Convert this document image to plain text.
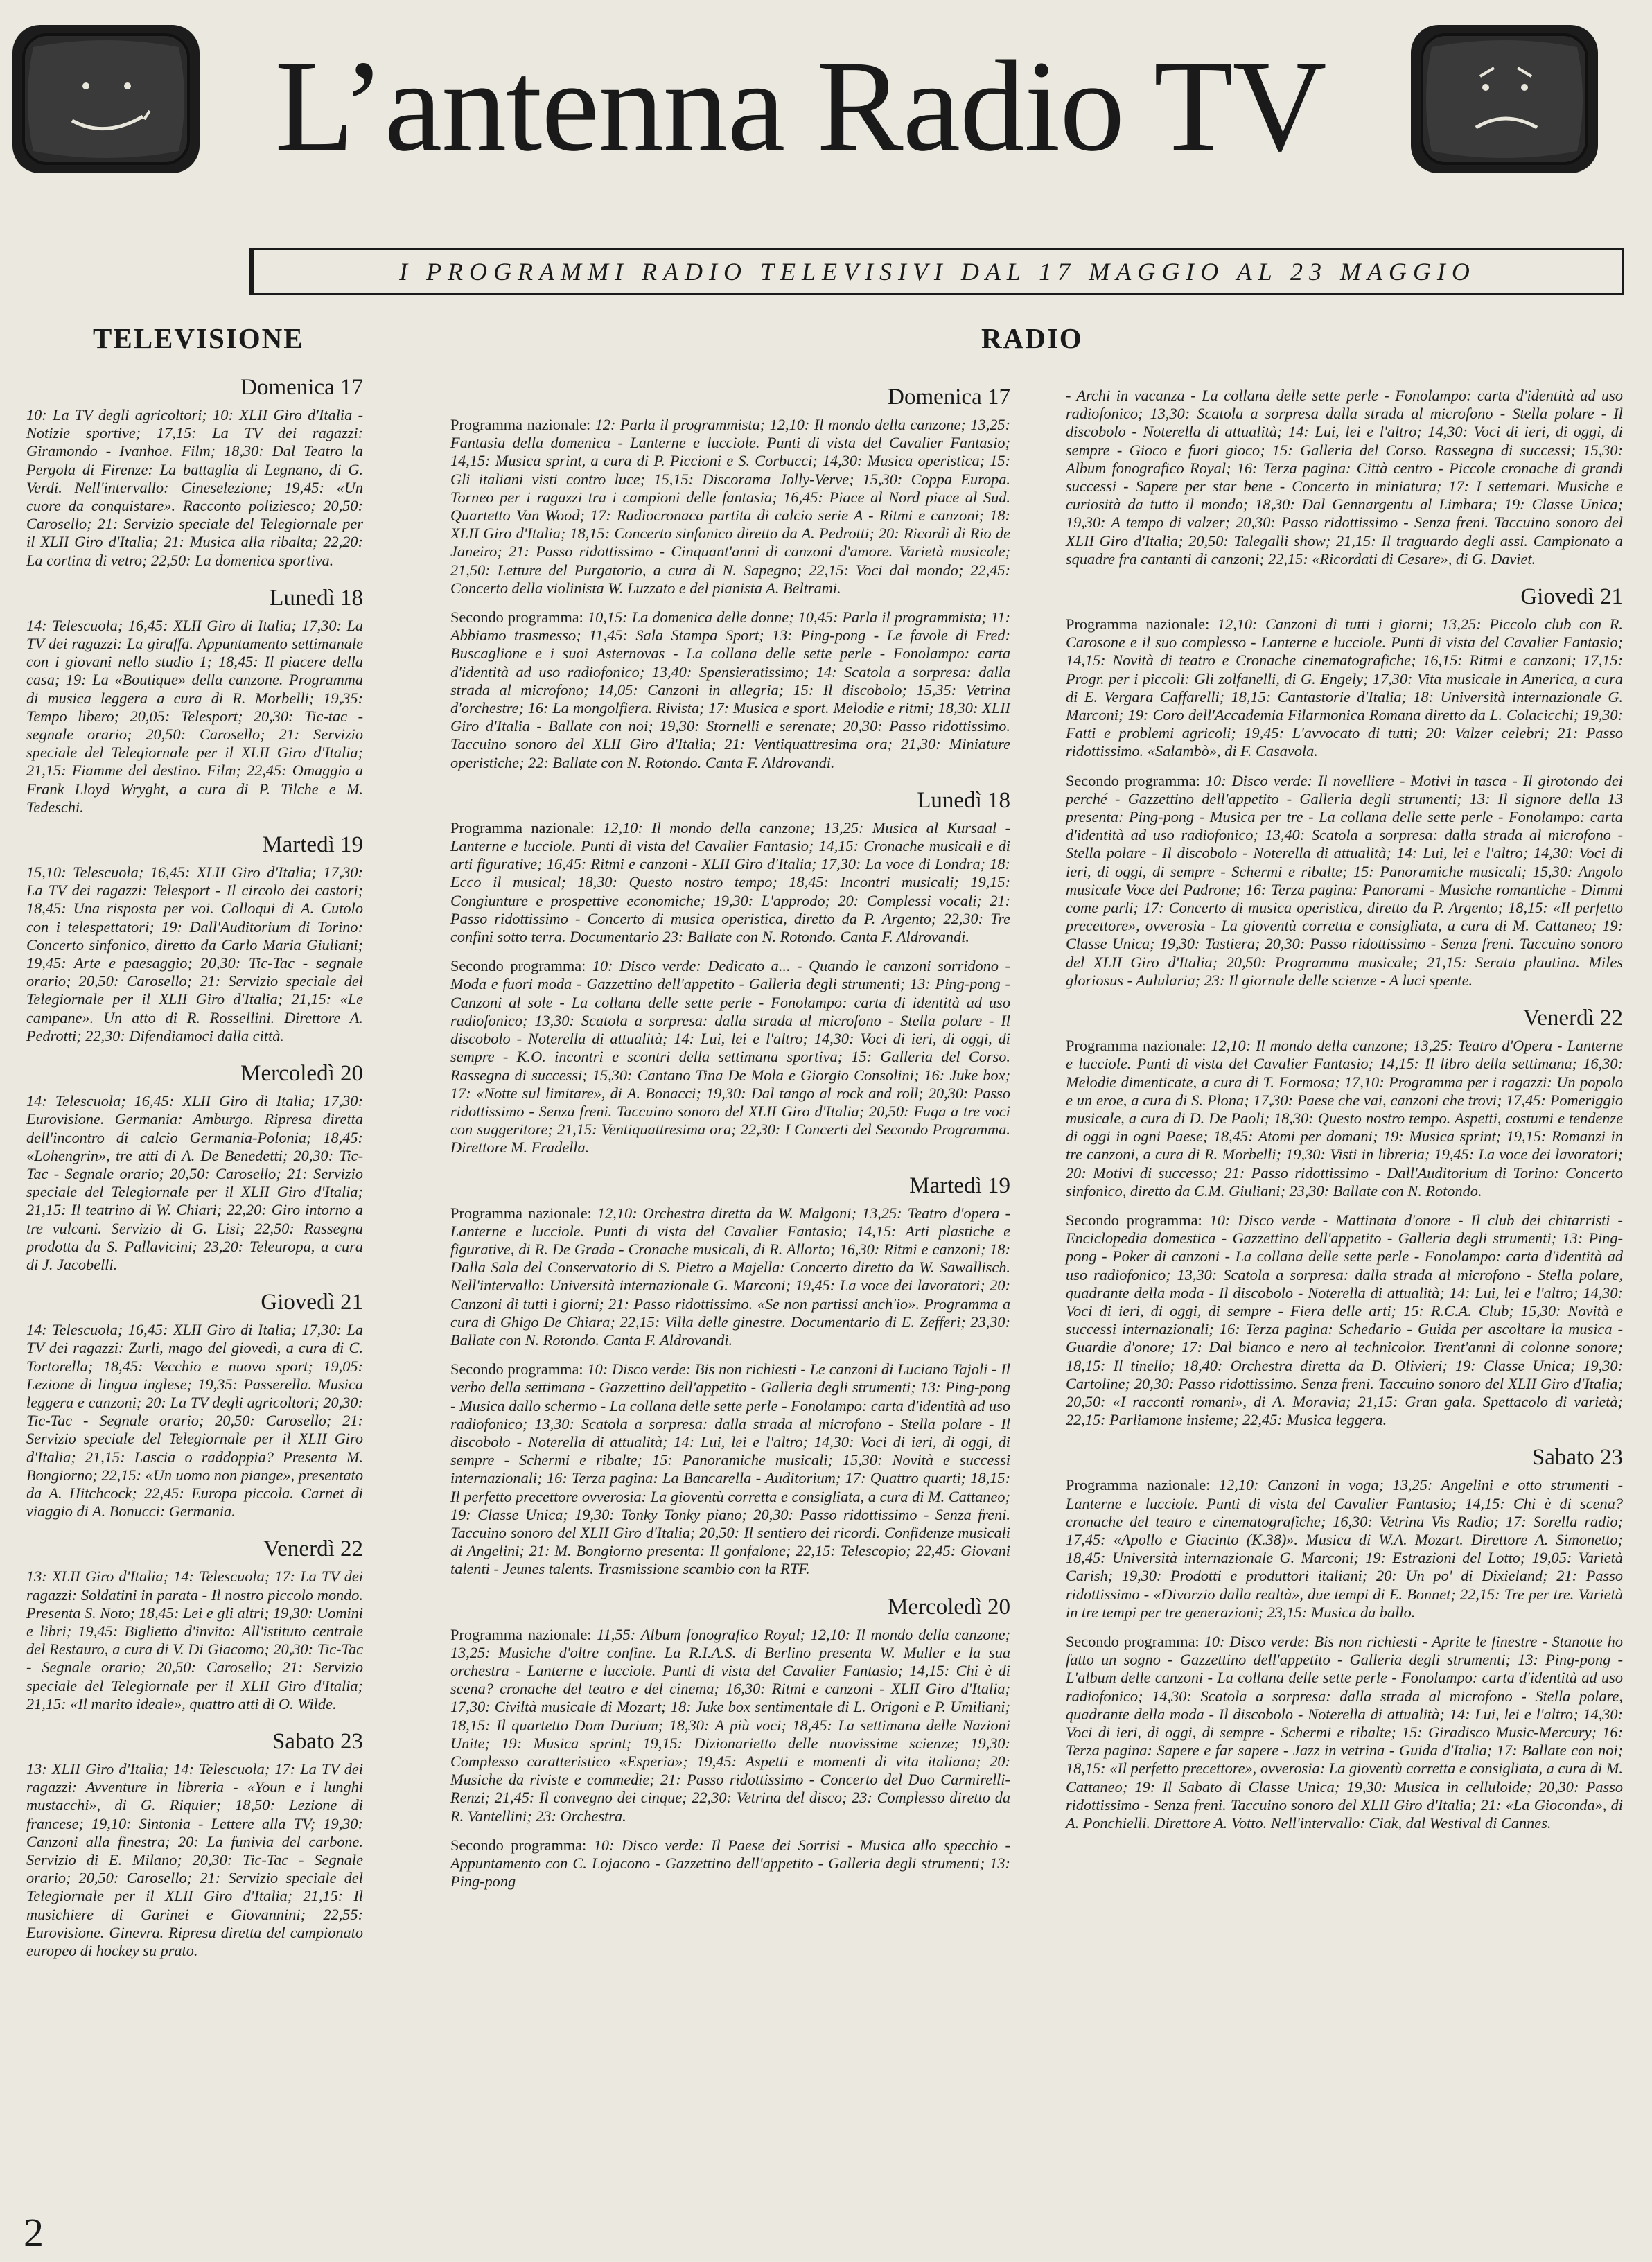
L’antenna Radio TV
I PROGRAMMI RADIO TELEVISIVI DAL 17 MAGGIO AL 23 MAGGIO
TELEVISIONE	RADIO
Domenica 17

10: La TV degli agricoltori; 10: XLII Giro d'Italia - Notizie sportive; 17,15: La TV dei ragazzi: Giramondo - Ivanhoe. Film; 18,30: Dal Teatro la Pergola di Firenze: La battaglia di Legnano, di G. Verdi. Nell'intervallo: Cineselezione; 19,45: «Un cuore da conquistare». Racconto poliziesco; 20,50: Carosello; 21: Servizio speciale del Telegiornale per il XLII Giro d'Italia; 21: Musica alla ribalta; 22,20: La cortina di vetro; 22,50: La domenica sportiva.

Lunedì 18

14: Telescuola; 16,45: XLII Giro di Italia; 17,30: La TV dei ragazzi: La giraffa. Appuntamento settimanale con i giovani nello studio 1; 18,45: Il piacere della casa; 19: La «Boutique» della canzone. Programma di musica leggera a cura di R. Morbelli; 19,35: Tempo libero; 20,05: Telesport; 20,30: Tic-tac - segnale orario; 20,50: Carosello; 21: Servizio speciale del Telegiornale per il XLII Giro d'Italia; 21,15: Fiamme del destino. Film; 22,45: Omaggio a Frank Lloyd Wryght, a cura di P. Tilche e M. Tedeschi.

Martedì 19

15,10: Telescuola; 16,45: XLII Giro d'Italia; 17,30: La TV dei ragazzi: Telesport - Il circolo dei castori; 18,45: Una risposta per voi. Colloqui di A. Cutolo con i telespettatori; 19: Dall'Auditorium di Torino: Concerto sinfonico, diretto da Carlo Maria Giuliani; 19,45: Arte e paesaggio; 20,30: Tic-Tac - segnale orario; 20,50: Carosello; 21: Servizio speciale del Telegiornale per il XLII Giro d'Italia; 21,15: «Le campane». Un atto di R. Rossellini. Direttore A. Pedrotti; 22,30: Difendiamoci dalla città.

Mercoledì 20

14: Telescuola; 16,45: XLII Giro di Italia; 17,30: Eurovisione. Germania: Amburgo. Ripresa diretta dell'incontro di calcio Germania-Polonia; 18,45: «Lohengrin», tre atti di A. De Benedetti; 20,30: Tic-Tac - Segnale orario; 20,50: Carosello; 21: Servizio speciale del Telegiornale per il XLII Giro d'Italia; 21,15: Il teatrino di W. Chiari; 22,20: Giro intorno a tre vulcani. Servizio di G. Lisi; 22,50: Rassegna prodotta da S. Pallavicini; 23,20: Teleuropa, a cura di J. Jacobelli.

Giovedì 21

14: Telescuola; 16,45: XLII Giro di Italia; 17,30: La TV dei ragazzi: Zurli, mago del giovedì, a cura di C. Tortorella; 18,45: Vecchio e nuovo sport; 19,05: Lezione di lingua inglese; 19,35: Passerella. Musica leggera e canzoni; 20: La TV degli agricoltori; 20,30: Tic-Tac - Segnale orario; 20,50: Carosello; 21: Servizio speciale del Telegiornale per il XLII Giro d'Italia; 21,15: Lascia o raddoppia? Presenta M. Bongiorno; 22,15: «Un uomo non piange», presentato da A. Hitchcock; 22,45: Europa piccola. Carnet di viaggio di A. Bonucci: Germania.

Venerdì 22

13: XLII Giro d'Italia; 14: Telescuola; 17: La TV dei ragazzi: Soldatini in parata - Il nostro piccolo mondo. Presenta S. Noto; 18,45: Lei e gli altri; 19,30: Uomini e libri; 19,45: Biglietto d'invito: All'istituto centrale del Restauro, a cura di V. Di Giacomo; 20,30: Tic-Tac - Segnale orario; 20,50: Carosello; 21: Servizio speciale del Telegiornale per il XLII Giro d'Italia; 21,15: «Il marito ideale», quattro atti di O. Wilde.

Sabato 23

13: XLII Giro d'Italia; 14: Telescuola; 17: La TV dei ragazzi: Avventure in libreria - «Youn e i lunghi mustacchi», di G. Riquier; 18,50: Lezione di francese; 19,10: Sintonia - Lettere alla TV; 19,30: Canzoni alla finestra; 20: La funivia del carbone. Servizio di E. Milano; 20,30: Tic-Tac - Segnale orario; 20,50: Carosello; 21: Servizio speciale del Telegiornale per il XLII Giro d'Italia; 21,15: Il musichiere di Garinei e Giovannini; 22,55: Eurovisione. Ginevra. Ripresa diretta del campionato europeo di hockey su prato.

Domenica 17

Programma nazionale: 12: Parla il programmista; 12,10: Il mondo della canzone; 13,25: Fantasia della domenica - Lanterne e lucciole. Punti di vista del Cavalier Fantasio; 14,15: Musica sprint, a cura di P. Piccioni e S. Corbucci; 14,30: Musica operistica; 15: Gli italiani visti contro luce; 15,15: Discorama Jolly-Verve; 15,30: Coppa Europa. Torneo per i ragazzi tra i campioni delle fantasia; 16,45: Piace al Nord piace al Sud. Quartetto Van Wood; 17: Radiocronaca partita di calcio serie A - Ritmi e canzoni; 18: XLII Giro d'Italia; 18,15: Concerto sinfonico diretto da A. Pedrotti; 20: Ricordi di Rio de Janeiro; 21: Passo ridottissimo - Cinquant'anni di canzoni d'amore. Varietà musicale; 21,50: Letture del Purgatorio, a cura di N. Sapegno; 22,15: Voci dal mondo; 22,45: Concerto della violinista W. Luzzato e del pianista A. Beltrami.

Secondo programma: 10,15: La domenica delle donne; 10,45: Parla il programmista; 11: Abbiamo trasmesso; 11,45: Sala Stampa Sport; 13: Ping-pong - Le favole di Fred: Buscaglione e i suoi Asternovas - La collana delle sette perle - Fonolampo: carta d'identità ad uso radiofonico; 13,40: Spensieratissimo; 14: Scatola a sorpresa: dalla strada al microfono; 14,05: Canzoni in allegria; 15: Il discobolo; 15,35: Vetrina d'orchestre; 16: La mongolfiera. Rivista; 17: Musica e sport. Melodie e ritmi; 18,30: XLII Giro d'Italia - Ballate con noi; 19,30: Stornelli e serenate; 20,30: Passo ridottissimo. Taccuino sonoro del XLII Giro d'Italia; 21: Ventiquattresima ora; 21,30: Miniature operistiche; 22: Ballate con N. Rotondo. Canta F. Aldrovandi.

Lunedì 18

Programma nazionale: 12,10: Il mondo della canzone; 13,25: Musica al Kursaal - Lanterne e lucciole. Punti di vista del Cavalier Fantasio; 14,15: Cronache musicali e di arti figurative; 16,45: Ritmi e canzoni - XLII Giro d'Italia; 17,30: La voce di Londra; 18: Ecco il musical; 18,30: Questo nostro tempo; 18,45: Incontri musicali; 19,15: Congiunture e prospettive economiche; 19,30: L'approdo; 20: Complessi vocali; 21: Passo ridottissimo - Concerto di musica operistica, diretto da P. Argento; 22,30: Tre confini sotto terra. Documentario 23: Ballate con N. Rotondo. Canta F. Aldrovandi.

Secondo programma: 10: Disco verde: Dedicato a... - Quando le canzoni sorridono - Moda e fuori moda - Gazzettino dell'appetito - Galleria degli strumenti; 13: Ping-pong - Canzoni al sole - La collana delle sette perle - Fonolampo: carta di identità ad uso radiofonico; 13,30: Scatola a sorpresa: dalla strada al microfono - Stella polare - Il discobolo - Noterella di attualità; 14: Lui, lei e l'altro; 14,30: Voci di ieri, di oggi, di sempre - K.O. incontri e scontri della settimana sportiva; 15: Galleria del Corso. Rassegna di successi; 15,30: Cantano Tina De Mola e Giorgio Consolini; 16: Juke box; 17: «Notte sul limitare», di A. Bonacci; 19,30: Dal tango al rock and roll; 20,30: Passo ridottissimo - Senza freni. Taccuino sonoro del XLII Giro d'Italia; 20,50: Fuga a tre voci con suggeritore; 21,15: Ventiquattresima ora; 22,30: I Concerti del Secondo Programma. Direttore M. Fradella.

Martedì 19

Programma nazionale: 12,10: Orchestra diretta da W. Malgoni; 13,25: Teatro d'opera - Lanterne e lucciole. Punti di vista del Cavalier Fantasio; 14,15: Arti plastiche e figurative, di R. De Grada - Cronache musicali, di R. Allorto; 16,30: Ritmi e canzoni; 18: Dalla Sala del Conservatorio di S. Pietro a Majella: Concerto diretto da W. Sawallisch. Nell'intervallo: Università internazionale G. Marconi; 19,45: La voce dei lavoratori; 20: Canzoni di tutti i giorni; 21: Passo ridottissimo. «Se non partissi anch'io». Programma a cura di Ghigo De Chiara; 22,15: Villa delle ginestre. Documentario di E. Zefferi; 23,30: Ballate con N. Rotondo. Canta F. Aldrovandi.

Secondo programma: 10: Disco verde: Bis non richiesti - Le canzoni di Luciano Tajoli - Il verbo della settimana - Gazzettino dell'appetito - Galleria degli strumenti; 13: Ping-pong - Musica dallo schermo - La collana delle sette perle - Fonolampo: carta d'identità ad uso radiofonico; 13,30: Scatola a sorpresa: dalla strada al microfono - Stella polare - Il discobolo - Noterella di attualità; 14: Lui, lei e l'altro; 14,30: Voci di ieri, di oggi, di sempre - Schermi e ribalte; 15: Panoramiche musicali; 15,30: Novità e successi internazionali; 16: Terza pagina: La Bancarella - Auditorium; 17: Quattro quarti; 18,15: Il perfetto precettore ovverosia: La gioventù corretta e consigliata, a cura di M. Cattaneo; 19: Classe Unica; 19,30: Tonky Tonky piano; 20,30: Passo ridottissimo - Senza freni. Taccuino sonoro del XLII Giro d'Italia; 20,50: Il sentiero dei ricordi. Confidenze musicali di Angelini; 21: M. Bongiorno presenta: Il gonfalone; 22,15: Telescopio; 22,45: Giovani talenti - Jeunes talents. Trasmissione scambio con la RTF.

Mercoledì 20

Programma nazionale: 11,55: Album fonografico Royal; 12,10: Il mondo della canzone; 13,25: Musiche d'oltre confine. La R.I.A.S. di Berlino presenta W. Muller e la sua orchestra - Lanterne e lucciole. Punti di vista del Cavalier Fantasio; 14,15: Chi è di scena? cronache del teatro e del cinema; 16,30: Ritmi e canzoni - XLII Giro d'Italia; 17,30: Civiltà musicale di Mozart; 18: Juke box sentimentale di L. Origoni e P. Umiliani; 18,15: Il quartetto Dom Durium; 18,30: A più voci; 18,45: La settimana delle Nazioni Unite; 19: Musica sprint; 19,15: Dizionarietto delle nuovissime scienze; 19,30: Complesso caratteristico «Esperia»; 19,45: Aspetti e momenti di vita italiana; 20: Musiche da riviste e commedie; 21: Passo ridottissimo - Concerto del Duo Carmirelli-Renzi; 21,45: Il convegno dei cinque; 22,30: Vetrina del disco; 23: Complesso diretto da R. Vantellini; 23: Orchestra.

Secondo programma: 10: Disco verde: Il Paese dei Sorrisi - Musica allo specchio - Appuntamento con C. Lojacono - Gazzettino dell'appetito - Galleria degli strumenti; 13: Ping-pong

- Archi in vacanza - La collana delle sette perle - Fonolampo: carta d'identità ad uso radiofonico; 13,30: Scatola a sorpresa dalla strada al microfono - Stella polare - Il discobolo - Noterella di attualità; 14: Lui, lei e l'altro; 14,30: Voci di ieri, di oggi, di sempre - Gioco e fuori gioco; 15: Galleria del Corso. Rassegna di successi; 15,30: Album fonografico Royal; 16: Terza pagina: Città centro - Piccole cronache di grandi successi - Sapere per star bene - Concerto in miniatura; 17: I settemari. Musiche e curiosità da tutto il mondo; 18,30: Dal Gennargentu al Limbara; 19: Classe Unica; 19,30: A tempo di valzer; 20,30: Passo ridottissimo - Senza freni. Taccuino sonoro del XLII Giro d'Italia; 20,50: Talegalli show; 21,15: Il traguardo degli assi. Campionato a squadre fra cantanti di canzoni; 22,15: «Ricordati di Cesare», di G. Daviet.

Giovedì 21

Programma nazionale: 12,10: Canzoni di tutti i giorni; 13,25: Piccolo club con R. Carosone e il suo complesso - Lanterne e lucciole. Punti di vista del Cavalier Fantasio; 14,15: Novità di teatro e Cronache cinematografiche; 16,15: Ritmi e canzoni; 17,15: Progr. per i piccoli: Gli zolfanelli, di G. Engely; 17,30: Vita musicale in America, a cura di E. Vergara Caffarelli; 18,15: Cantastorie d'Italia; 18: Università internazionale G. Marconi; 19: Coro dell'Accademia Filarmonica Romana diretto da L. Colacicchi; 19,30: Fatti e problemi agricoli; 19,45: L'avvocato di tutti; 20: Valzer celebri; 21: Passo ridottissimo. «Salambò», di F. Casavola.

Secondo programma: 10: Disco verde: Il novelliere - Motivi in tasca - Il girotondo dei perché - Gazzettino dell'appetito - Galleria degli strumenti; 13: Il signore della 13 presenta: Ping-pong - Musica per tre - La collana delle sette perle - Fonolampo: carta d'identità ad uso radiofonico; 13,40: Scatola a sorpresa: dalla strada al microfono - Stella polare - Il discobolo - Noterella di attualità; 14: Lui, lei e l'altro; 14,30: Voci di ieri, di oggi, di sempre - Schermi e ribalte; 15: Panoramiche musicali; 15,30: Angolo musicale Voce del Padrone; 16: Terza pagina: Panorami - Musiche romantiche - Dimmi come parli; 17: Concerto di musica operistica, diretto da P. Argento; 18,15: «Il perfetto precettore», ovverosia - La gioventù corretta e consigliata, a cura di M. Cattaneo; 19: Classe Unica; 19,30: Tastiera; 20,30: Passo ridottissimo - Senza freni. Taccuino sonoro del XLII Giro d'Italia; 20,50: Programma musicale; 21,15: Serata plautina. Miles gloriosus - Aulularia; 23: Il giornale delle scienze - A luci spente.

Venerdì 22

Programma nazionale: 12,10: Il mondo della canzone; 13,25: Teatro d'Opera - Lanterne e lucciole. Punti di vista del Cavalier Fantasio; 14,15: Il libro della settimana; 16,30: Melodie dimenticate, a cura di T. Formosa; 17,10: Programma per i ragazzi: Un popolo e un eroe, a cura di S. Plona; 17,30: Paese che vai, canzoni che trovi; 17,45: Pomeriggio musicale, a cura di D. De Paoli; 18,30: Questo nostro tempo. Aspetti, costumi e tendenze di oggi in ogni Paese; 18,45: Atomi per domani; 19: Musica sprint; 19,15: Romanzi in tre canzoni, a cura di R. Morbelli; 19,30: Visti in libreria; 19,45: La voce dei lavoratori; 20: Motivi di successo; 21: Passo ridottissimo - Dall'Auditorium di Torino: Concerto sinfonico, diretto da C.M. Giuliani; 23,30: Ballate con N. Rotondo.

Secondo programma: 10: Disco verde - Mattinata d'onore - Il club dei chitarristi - Enciclopedia domestica - Gazzettino dell'appetito - Galleria degli strumenti; 13: Ping-pong - Poker di canzoni - La collana delle sette perle - Fonolampo: carta d'identità ad uso radiofonico; 13,30: Scatola a sorpresa: dalla strada al microfono - Stella polare, quadrante della moda - Il discobolo - Noterella di attualità; 14: Lui, lei e l'altro; 14,30: Voci di ieri, di oggi, di sempre - Fiera delle arti; 15: R.C.A. Club; 15,30: Novità e successi internazionali; 16: Terza pagina: Schedario - Guida per ascoltare la musica - Guardie d'onore; 17: Dal bianco e nero al technicolor. Trent'anni di colonne sonore; 18,15: Il tinello; 18,40: Orchestra diretta da D. Olivieri; 19: Classe Unica; 19,30: Cartoline; 20,30: Passo ridottissimo. Senza freni. Taccuino sonoro del XLII Giro d'Italia; 20,50: «I racconti romani», di A. Moravia; 21,15: Gran gala. Spettacolo di varietà; 22,15: Parliamone insieme; 22,45: Musica leggera.

Sabato 23

Programma nazionale: 12,10: Canzoni in voga; 13,25: Angelini e otto strumenti - Lanterne e lucciole. Punti di vista del Cavalier Fantasio; 14,15: Chi è di scena? cronache del teatro e cinematografiche; 16,30: Vetrina Vis Radio; 17: Sorella radio; 17,45: «Apollo e Giacinto (K.38)». Musica di W.A. Mozart. Direttore A. Simonetto; 18,45: Università internazionale G. Marconi; 19: Estrazioni del Lotto; 19,05: Varietà Carish; 19,30: Prodotti e produttori italiani; 20: Un po' di Dixieland; 21: Passo ridottissimo - «Divorzio dalla realtà», due tempi di E. Bonnet; 22,15: Tre per tre. Varietà in tre tempi per tre generazioni; 23,15: Musica da ballo.

Secondo programma: 10: Disco verde: Bis non richiesti - Aprite le finestre - Stanotte ho fatto un sogno - Gazzettino dell'appetito - Galleria degli strumenti; 13: Ping-pong - L'album delle canzoni - La collana delle sette perle - Fonolampo: carta d'identità ad uso radiofonico; 14,30: Scatola a sorpresa: dalla strada al microfono - Stella polare, quadrante della moda - Il discobolo - Noterella di attualità; 14: Lui, lei e l'altro; 14,30: Voci di ieri, di oggi, di sempre - Schermi e ribalte; 15: Giradisco Music-Mercury; 16: Terza pagina: Sapere e far sapere - Jazz in vetrina - Guida d'Italia; 17: Ballate con noi; 18,15: «Il perfetto precettore», ovverosia: La gioventù corretta e consigliata, a cura di M. Cattaneo; 19: Il Sabato di Classe Unica; 19,30: Musica in celluloide; 20,30: Passo ridottissimo - Senza freni. Taccuino sonoro del XLII Giro d'Italia; 21: «La Gioconda», di A. Ponchielli. Direttore A. Votto. Nell'intervallo: Ciak, dal Westival di Cannes.

2
